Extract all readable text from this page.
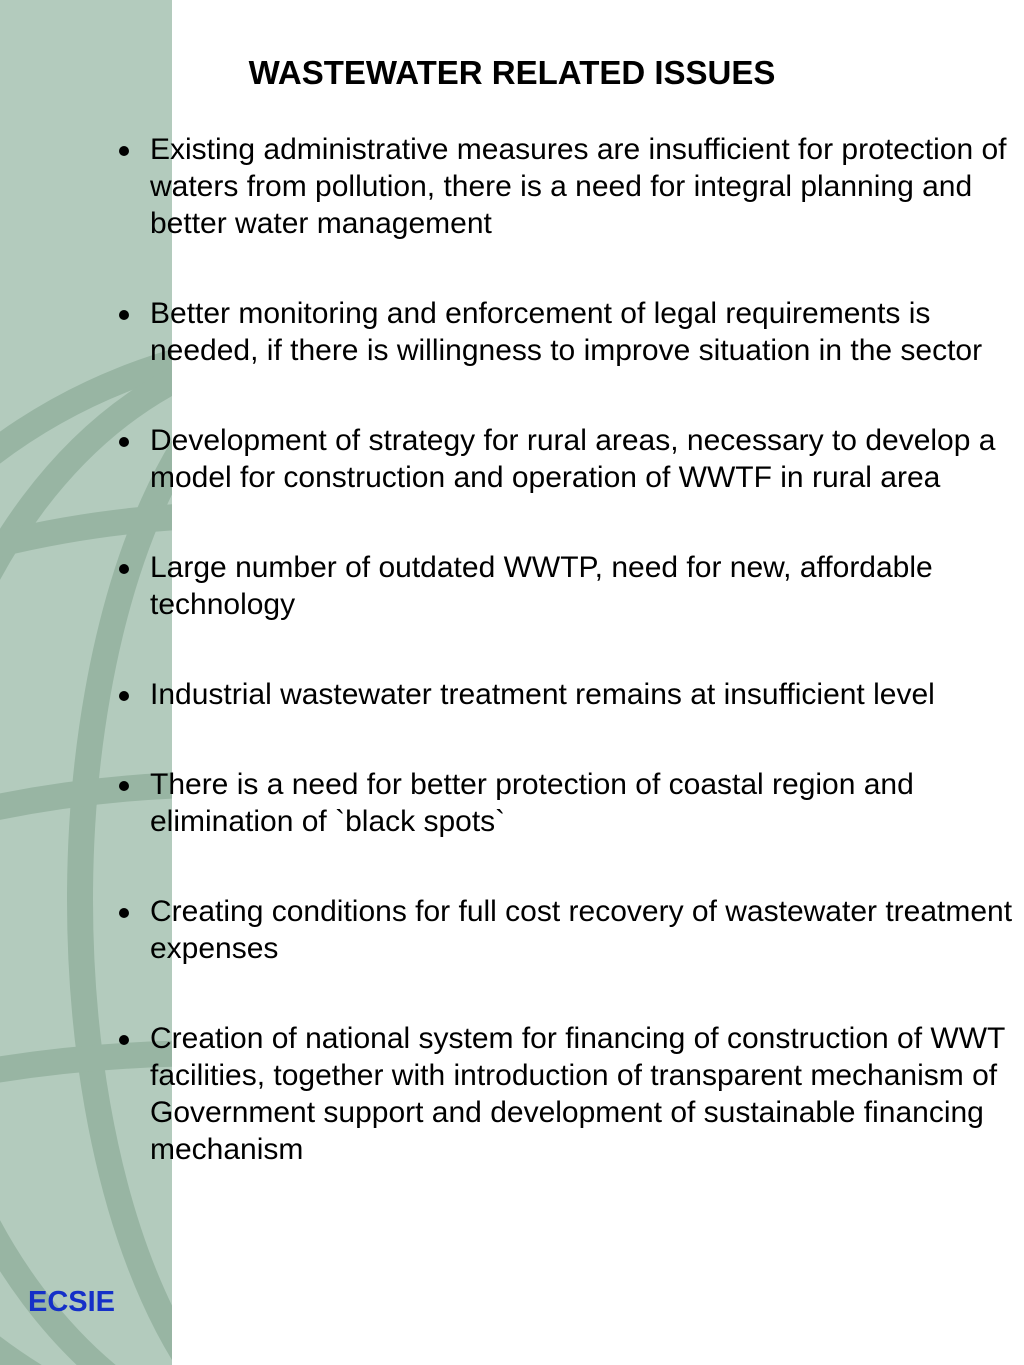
ECSIE
WASTEWATER RELATED ISSUES
Existing administrative measures are insufficient for protection of waters from pollution, there is a need for integral planning and better water management
Better monitoring and enforcement of legal requirements is needed, if there is willingness to improve situation in the sector
Development of strategy for rural areas, necessary to develop a model for construction and operation of WWTF in rural area
Large number of outdated WWTP, need for new, affordable technology
Industrial wastewater treatment remains at insufficient level
There is a need for better protection of coastal region and elimination of `black spots`
Creating conditions for full cost recovery of wastewater treatment expenses
Creation of national system for financing of construction of WWT facilities, together with introduction of transparent mechanism of Government support and development of sustainable financing mechanism
